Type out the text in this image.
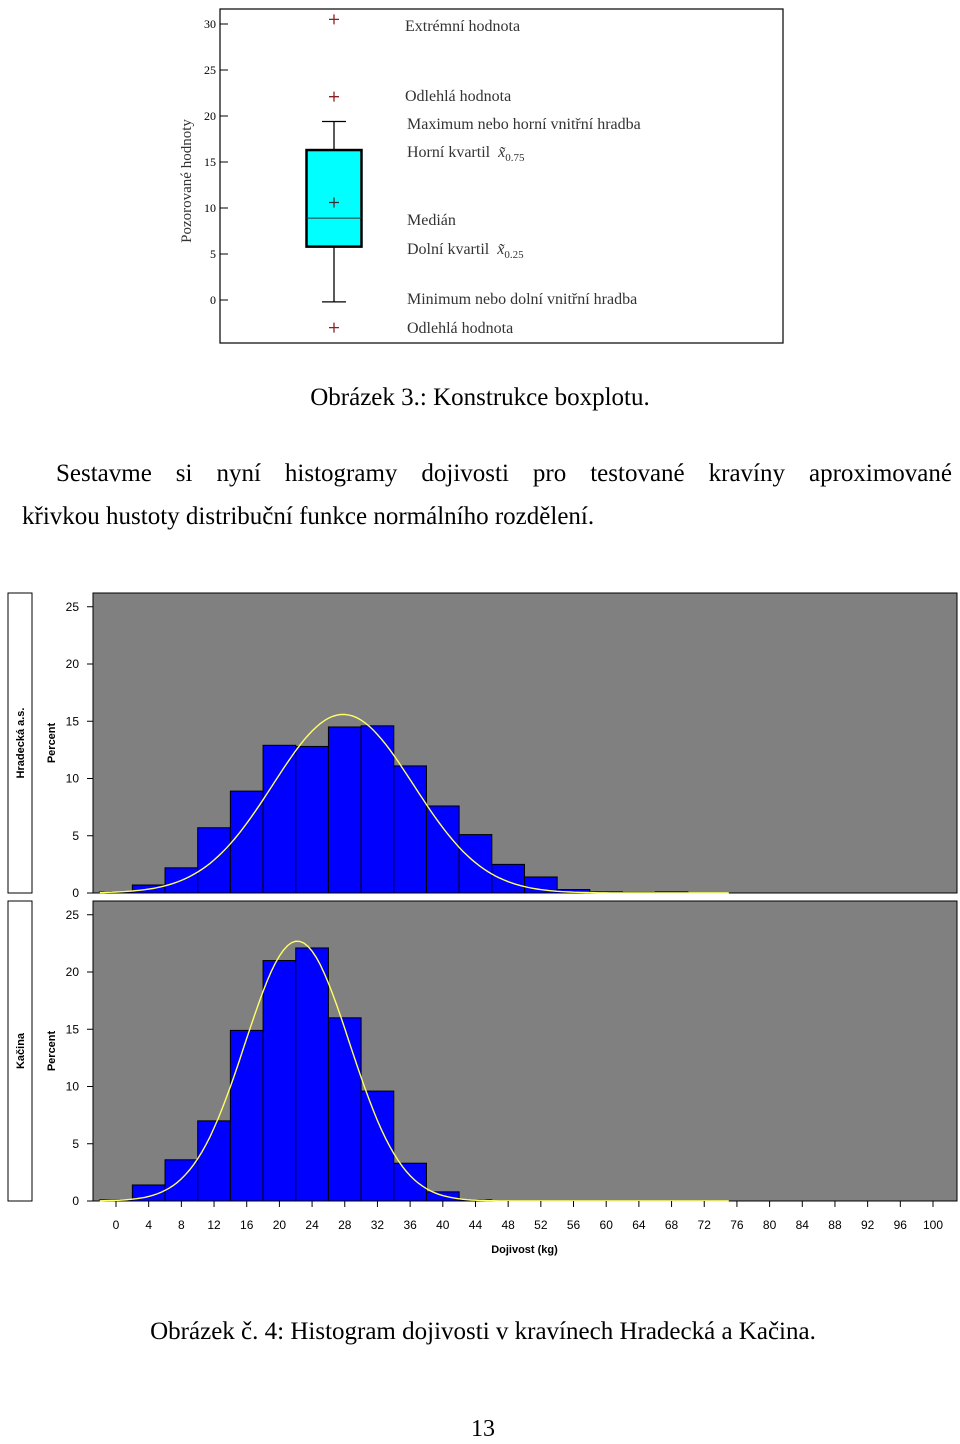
Pozorované hodnoty
0
5
10
15
20
25
30	Extrémní hodnota
Odlehlá hodnota
Maximum nebo horní vnitřní hradba
Horní kvartil $x̃_{0.75}$
Medián
Dolní kvartil $x̃_{0.25}$
Minimum nebo dolní vnitřní hradba
Odlehlá hodnota
Obrázek 3.: Konstrukce boxplotu.
Sestavme si nyní histogramy dojivosti pro testované kravíny aproximované
křivkou hustoty distribuční funkce normálního rozdělení.
Hradecká a.s. Percent
0
5
10
15
20
25
Kačina Percent
0
5
10
15
20
25
0 4 8 12 16 20 24 28 32 36 40 44 48 52 56 60 64 68 72 76 80 84 88 92 96 100
Dojivost (kg)
Obrázek č. 4: Histogram dojivosti v kravínech Hradecká a Kačina.
13
